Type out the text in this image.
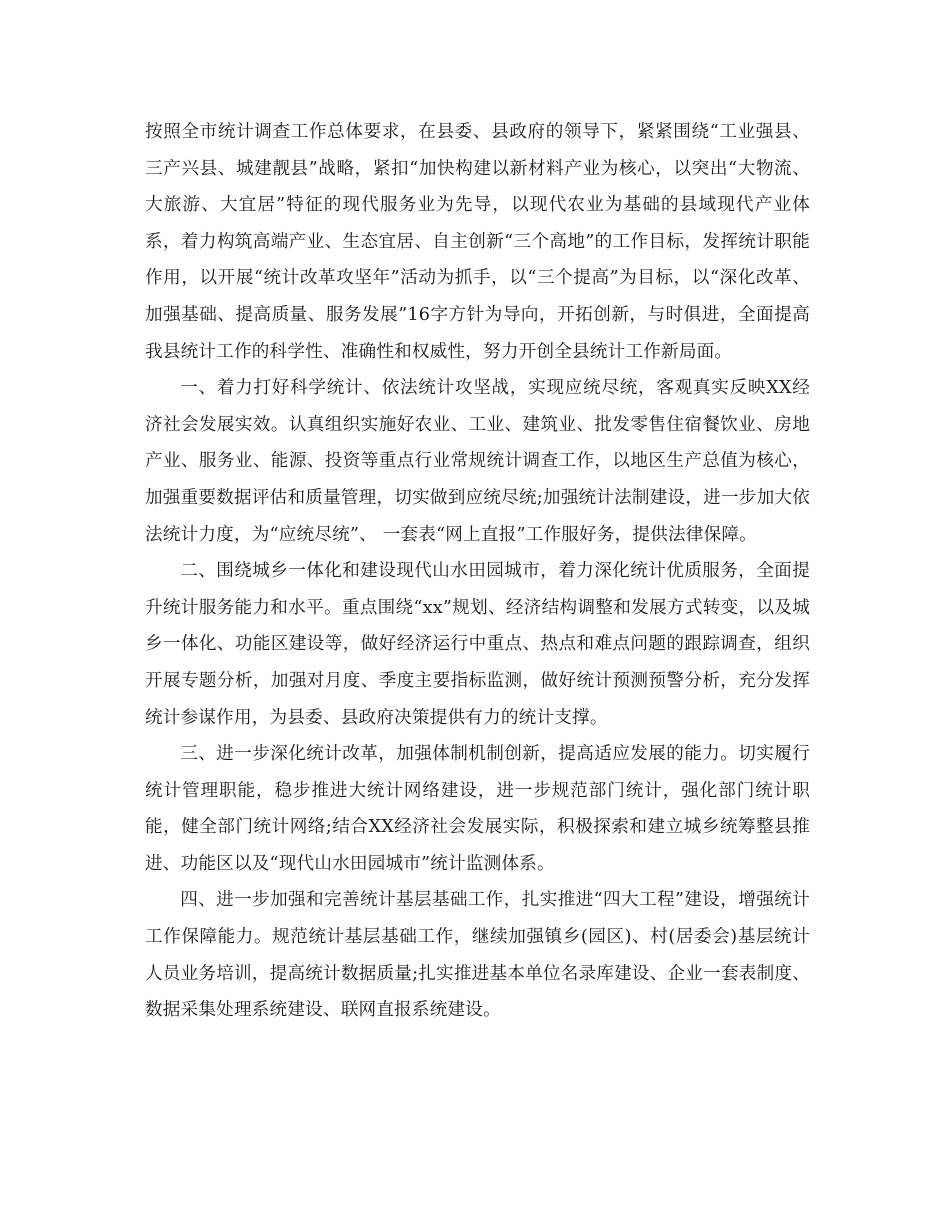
按照全市统计调查工作总体要求，在县委、县政府的领导下，紧紧围绕“工业强县、三产兴县、城建靓县”战略，紧扣“加快构建以新材料产业为核心，以突出“大物流、大旅游、大宜居”特征的现代服务业为先导，以现代农业为基础的县域现代产业体系，着力构筑高端产业、生态宜居、自主创新“三个高地”的工作目标，发挥统计职能作用，以开展“统计改革攻坚年”活动为抓手，以“三个提高”为目标，以“深化改革、加强基础、提高质量、服务发展”16字方针为导向，开拓创新，与时俱进，全面提高我县统计工作的科学性、准确性和权威性，努力开创全县统计工作新局面。

一、着力打好科学统计、依法统计攻坚战，实现应统尽统，客观真实反映XX经济社会发展实效。认真组织实施好农业、工业、建筑业、批发零售住宿餐饮业、房地产业、服务业、能源、投资等重点行业常规统计调查工作，以地区生产总值为核心，加强重要数据评估和质量管理，切实做到应统尽统;加强统计法制建设，进一步加大依法统计力度，为“应统尽统”、 一套表“网上直报”工作服好务，提供法律保障。

二、围绕城乡一体化和建设现代山水田园城市，着力深化统计优质服务，全面提升统计服务能力和水平。重点围绕“xx”规划、经济结构调整和发展方式转变，以及城乡一体化、功能区建设等，做好经济运行中重点、热点和难点问题的跟踪调查，组织开展专题分析，加强对月度、季度主要指标监测，做好统计预测预警分析，充分发挥统计参谋作用，为县委、县政府决策提供有力的统计支撑。

三、进一步深化统计改革，加强体制机制创新，提高适应发展的能力。切实履行统计管理职能，稳步推进大统计网络建设，进一步规范部门统计，强化部门统计职能，健全部门统计网络;结合XX经济社会发展实际，积极探索和建立城乡统筹整县推进、功能区以及“现代山水田园城市”统计监测体系。

四、进一步加强和完善统计基层基础工作，扎实推进“四大工程”建设，增强统计工作保障能力。规范统计基层基础工作，继续加强镇乡(园区)、村(居委会)基层统计人员业务培训，提高统计数据质量;扎实推进基本单位名录库建设、企业一套表制度、数据采集处理系统建设、联网直报系统建设。
